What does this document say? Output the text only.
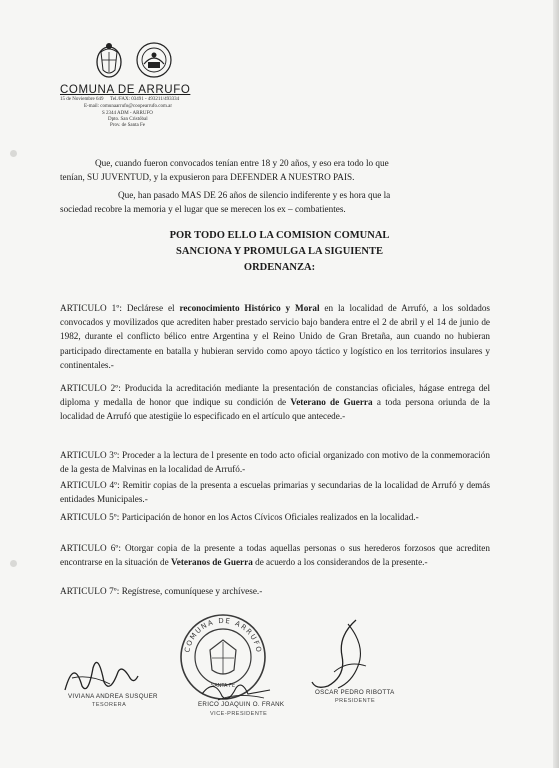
COMUNA DE ARRUFO
15 de Noviembre 649 Tel./FAX: 03491 - 493211/493334
E-mail: comunaarrufo@coopearrufo.com.ar
S 2344 ADM - ARRUFO
Dpto. San Cristóbal
Prov. de Santa Fe
Que, cuando fueron convocados tenían entre 18 y 20 años, y eso era todo lo que
tenían, SU JUVENTUD, y la expusieron para DEFENDER A NUESTRO PAIS.
Que, han pasado MAS DE 26 años de silencio indiferente y es hora que la
sociedad recobre la memoria y el lugar que se merecen los ex – combatientes.
POR TODO ELLO LA COMISION COMUNAL
SANCIONA Y PROMULGA LA SIGUIENTE
ORDENANZA:
ARTICULO 1º: Declárese el reconocimiento Histórico y Moral en la localidad de Arrufó, a los soldados convocados y movilizados que acrediten haber prestado servicio bajo bandera entre el 2 de abril y el 14 de junio de 1982, durante el conflicto bélico entre Argentina y el Reino Unido de Gran Bretaña, aun cuando no hubieran participado directamente en batalla y hubieran servido como apoyo táctico y logístico en los territorios insulares y continentales.-
ARTICULO 2º: Producida la acreditación mediante la presentación de constancias oficiales, hágase entrega del diploma y medalla de honor que indique su condición de Veterano de Guerra a toda persona oriunda de la localidad de Arrufó que atestigüe lo especificado en el artículo que antecede.-
ARTICULO 3º: Proceder a la lectura de l presente en todo acto oficial organizado con motivo de la conmemoración de la gesta de Malvinas en la localidad de Arrufó.-
ARTICULO 4º: Remitir copias de la presenta a escuelas primarias y secundarias de la localidad de Arrufó y demás entidades Municipales.-
ARTICULO 5º: Participación de honor en los Actos Cívicos Oficiales realizados en la localidad.-
ARTICULO 6º: Otorgar copia de la presente a todas aquellas personas o sus herederos forzosos que acrediten encontrarse en la situación de Veteranos de Guerra de acuerdo a los considerandos de la presente.-
ARTICULO 7º: Regístrese, comuníquese y archívese.-
COMUNA DE ARRUFO
SANTA FE
VIVIANA ANDREA SUSQUER
TESORERA	ERICO JOAQUIN O. FRANK
VICE-PRESIDENTE
OSCAR PEDRO RIBOTTA
PRESIDENTE
